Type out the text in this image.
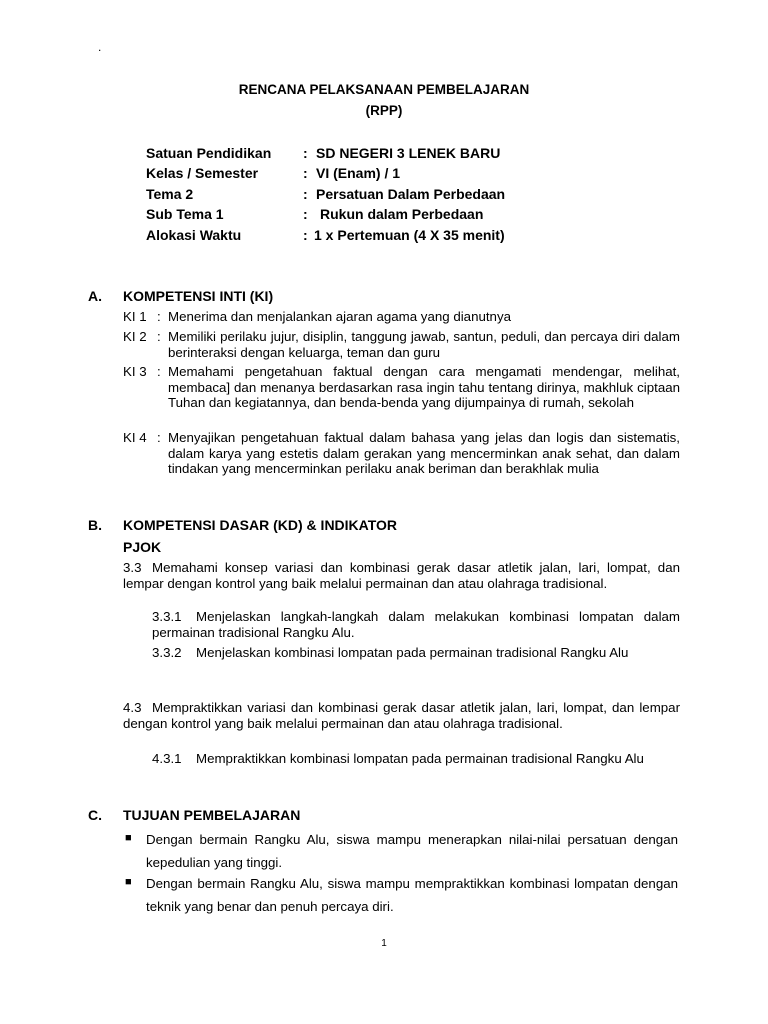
.
RENCANA PELAKSANAAN PEMBELAJARAN
(RPP)
Satuan Pendidikan : SD NEGERI 3 LENEK BARU
Kelas / Semester	: VI (Enam) / 1
Tema 2	: Persatuan Dalam Perbedaan
Sub Tema 1	: Rukun dalam Perbedaan
Alokasi Waktu	: 1 x Pertemuan (4 X 35 menit)
A. KOMPETENSI INTI (KI)
KI 1 : Menerima dan menjalankan ajaran agama yang dianutnya
KI 2 : Memiliki perilaku jujur, disiplin, tanggung jawab, santun, peduli, dan percaya diri dalam berinteraksi dengan keluarga, teman dan guru
KI 3 : Memahami pengetahuan faktual dengan cara mengamati mendengar, melihat, membaca] dan menanya berdasarkan rasa ingin tahu tentang dirinya, makhluk ciptaan Tuhan dan kegiatannya, dan benda-benda yang dijumpainya di rumah, sekolah
KI 4 : Menyajikan pengetahuan faktual dalam bahasa yang jelas dan logis dan sistematis, dalam karya yang estetis dalam gerakan yang mencerminkan anak sehat, dan dalam tindakan yang mencerminkan perilaku anak beriman dan berakhlak mulia
B. KOMPETENSI DASAR (KD) & INDIKATOR
PJOK
3.3 Memahami konsep variasi dan kombinasi gerak dasar atletik jalan, lari, lompat, dan lempar dengan kontrol yang baik melalui permainan dan atau olahraga tradisional.
3.3.1	Menjelaskan langkah-langkah dalam melakukan kombinasi lompatan dalam permainan tradisional Rangku Alu.
3.3.2	Menjelaskan kombinasi lompatan pada permainan tradisional Rangku Alu
4.3 Mempraktikkan variasi dan kombinasi gerak dasar atletik jalan, lari, lompat, dan lempar dengan kontrol yang baik melalui permainan dan atau olahraga tradisional.
4.3.1	Mempraktikkan kombinasi lompatan pada permainan tradisional Rangku Alu
C. TUJUAN PEMBELAJARAN
■ Dengan bermain Rangku Alu, siswa mampu menerapkan nilai-nilai persatuan dengan kepedulian yang tinggi.
■ Dengan bermain Rangku Alu, siswa mampu mempraktikkan kombinasi lompatan dengan teknik yang benar dan penuh percaya diri.
1
